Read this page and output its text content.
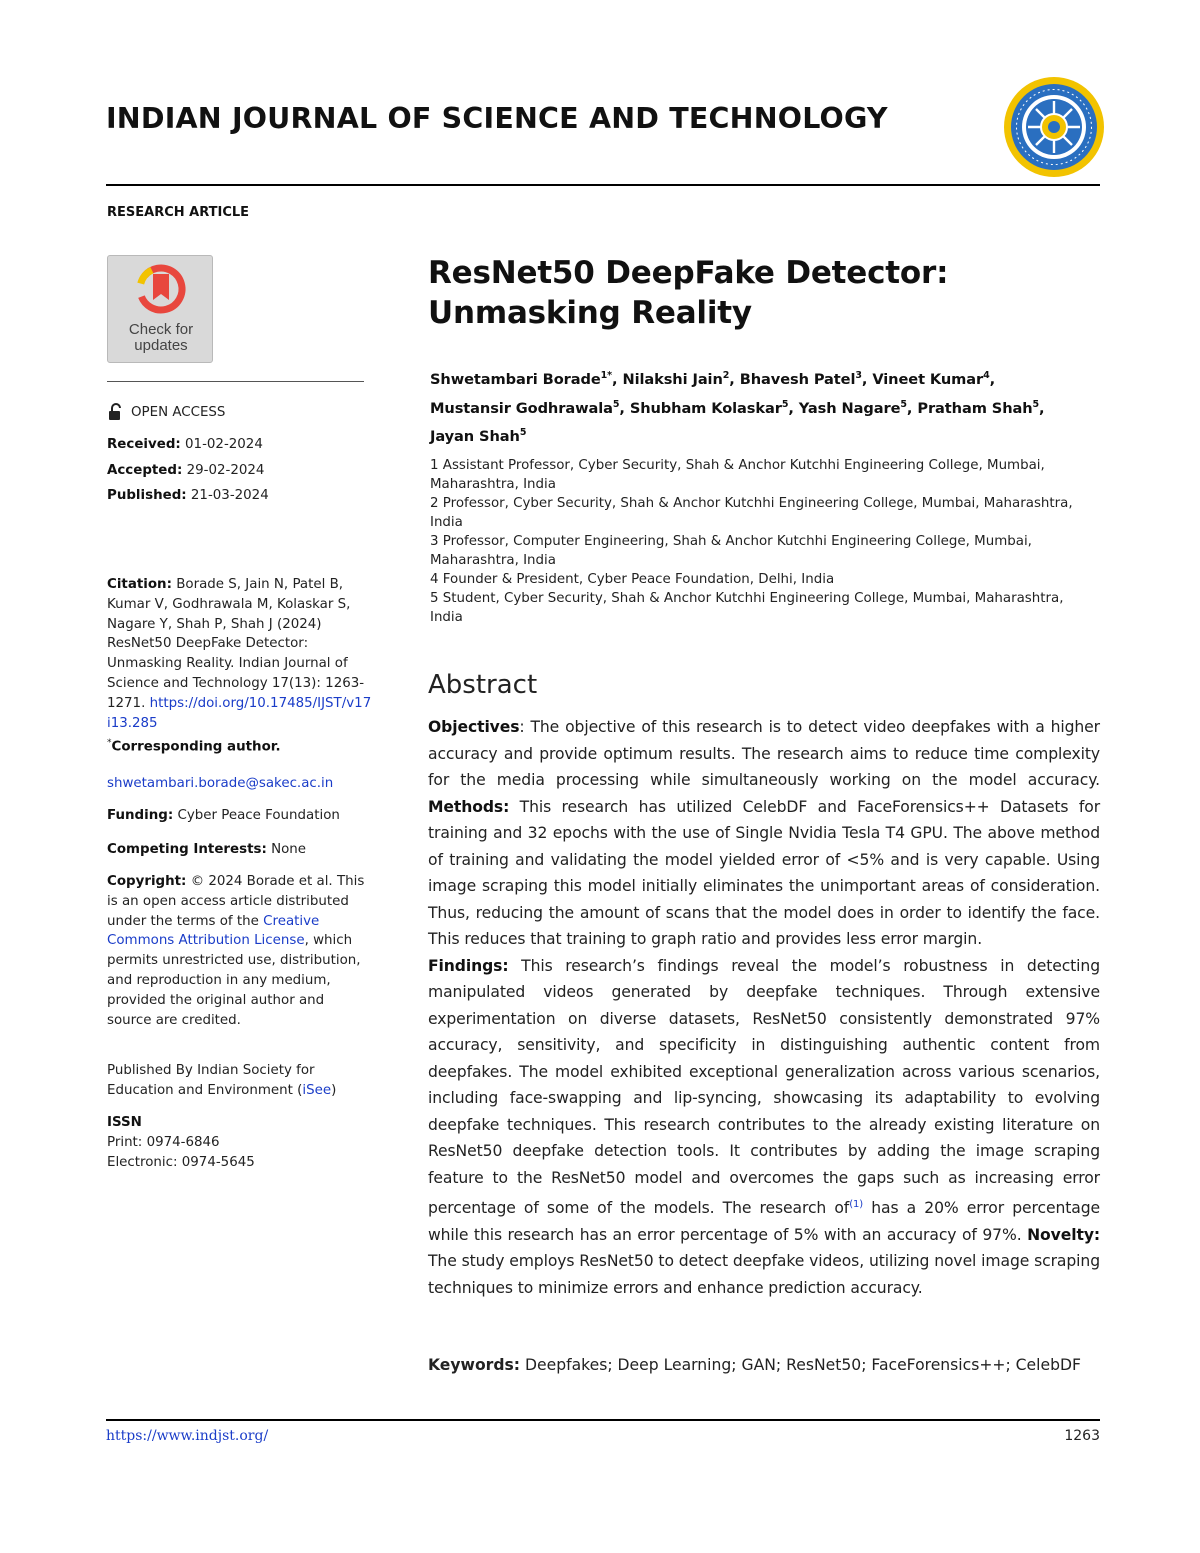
INDIAN JOURNAL OF SCIENCE AND TECHNOLOGY
RESEARCH ARTICLE
Check for
updates
OPEN ACCESS
Received: 01-02-2024
Accepted: 29-02-2024
Published: 21-03-2024
Citation: Borade S, Jain N, Patel B, Kumar V, Godhrawala M, Kolaskar S, Nagare Y, Shah P, Shah J (2024) ResNet50 DeepFake Detector: Unmasking Reality. Indian Journal of Science and Technology 17(13): 1263-1271. https://doi.org/10.17485/IJST/v17i13.285
*Corresponding author.
shwetambari.borade@sakec.ac.in
Funding: Cyber Peace Foundation
Competing Interests: None
Copyright: © 2024 Borade et al. This is an open access article distributed under the terms of the Creative Commons Attribution License, which permits unrestricted use, distribution, and reproduction in any medium, provided the original author and source are credited.
Published By Indian Society for Education and Environment (iSee)
ISSN
Print: 0974-6846
Electronic: 0974-5645
ResNet50 DeepFake Detector:
Unmasking Reality
Shwetambari Borade$^{1*}$, Nilakshi Jain$^2$, Bhavesh Patel$^3$, Vineet Kumar$^4$,
Mustansir Godhrawala$^5$, Shubham Kolaskar$^5$, Yash Nagare$^5$, Pratham Shah$^5$,
Jayan Shah$^5$
1 Assistant Professor, Cyber Security, Shah & Anchor Kutchhi Engineering College, Mumbai, Maharashtra, India
2 Professor, Cyber Security, Shah & Anchor Kutchhi Engineering College, Mumbai, Maharashtra, India
3 Professor, Computer Engineering, Shah & Anchor Kutchhi Engineering College, Mumbai, Maharashtra, India
4 Founder & President, Cyber Peace Foundation, Delhi, India
5 Student, Cyber Security, Shah & Anchor Kutchhi Engineering College, Mumbai, Maharashtra, India
Abstract
Objectives: The objective of this research is to detect video deepfakes with a higher accuracy and provide optimum results. The research aims to reduce time complexity for the media processing while simultaneously working on the model accuracy. Methods: This research has utilized CelebDF and FaceForensics++ Datasets for training and 32 epochs with the use of Single Nvidia Tesla T4 GPU. The above method of training and validating the model yielded error of <5% and is very capable. Using image scraping this model initially eliminates the unimportant areas of consideration. Thus, reducing the amount of scans that the model does in order to identify the face. This reduces that training to graph ratio and provides less error margin.
Findings: This research’s findings reveal the model’s robustness in detecting manipulated videos generated by deepfake techniques. Through extensive experimentation on diverse datasets, ResNet50 consistently demonstrated 97% accuracy, sensitivity, and specificity in distinguishing authentic content from deepfakes. The model exhibited exceptional generalization across various scenarios, including face-swapping and lip-syncing, showcasing its adaptability to evolving deepfake techniques. This research contributes to the already existing literature on ResNet50 deepfake detection tools. It contributes by adding the image scraping feature to the ResNet50 model and overcomes the gaps such as increasing error percentage of some of the models. The research $of^{(1)}$ has a 20% error percentage while this research has an error percentage of 5% with an accuracy of 97%. Novelty: The study employs ResNet50 to detect deepfake videos, utilizing novel image scraping techniques to minimize errors and enhance prediction accuracy.
Keywords: Deepfakes; Deep Learning; GAN; ResNet50; FaceForensics++; CelebDF
https://www.indjst.org/	1263
